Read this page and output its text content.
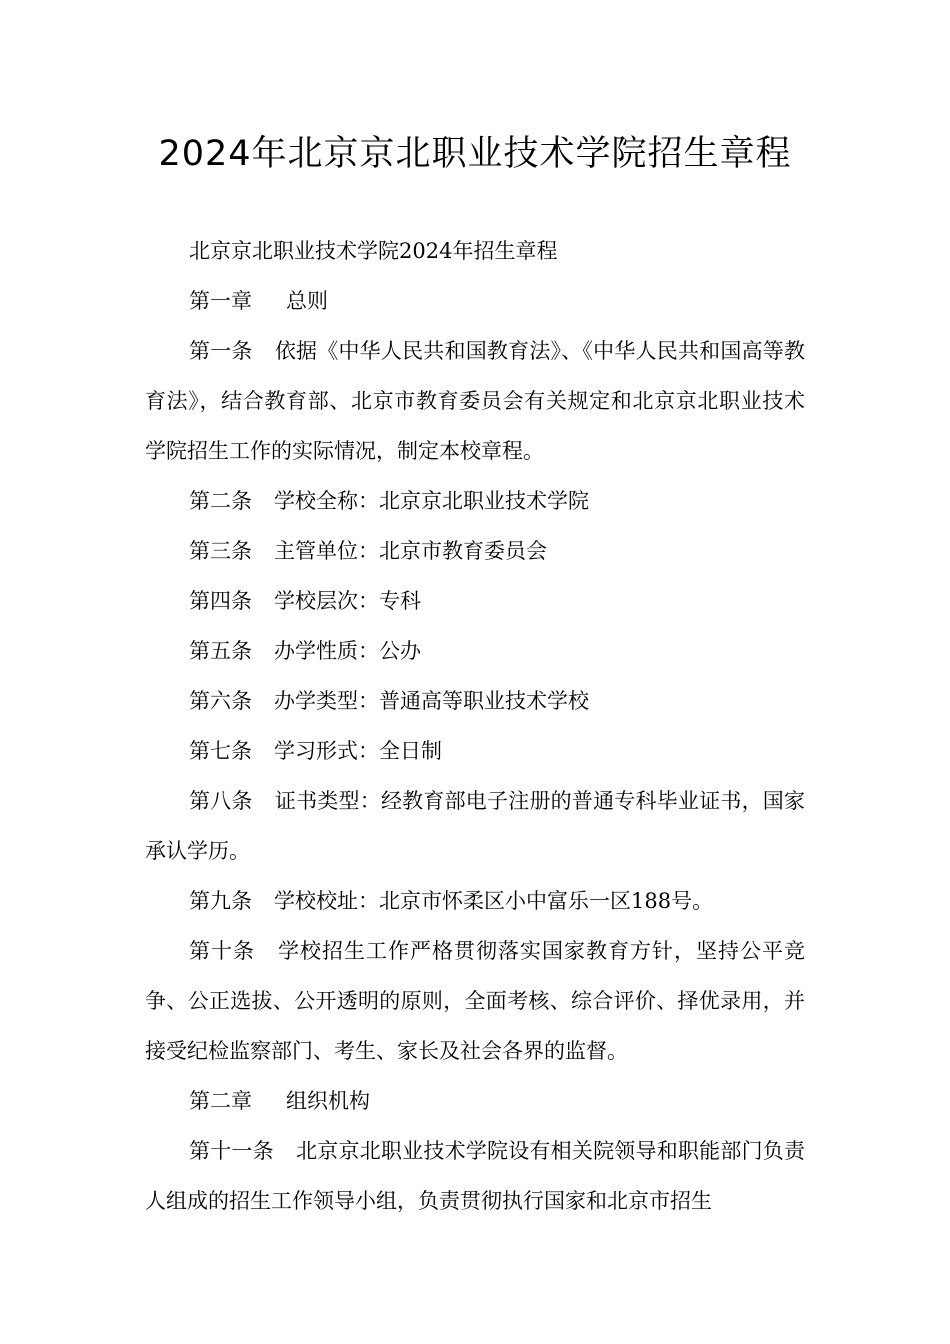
2024年北京京北职业技术学院招生章程

北京京北职业技术学院2024年招生章程

第一章 总则

第一条 依据《中华人民共和国教育法》、《中华人民共和国高等教育法》，结合教育部、北京市教育委员会有关规定和北京京北职业技术学院招生工作的实际情况，制定本校章程。

第二条 学校全称：北京京北职业技术学院

第三条 主管单位：北京市教育委员会

第四条 学校层次：专科

第五条 办学性质：公办

第六条 办学类型：普通高等职业技术学校

第七条 学习形式：全日制

第八条 证书类型：经教育部电子注册的普通专科毕业证书，国家承认学历。

第九条 学校校址：北京市怀柔区小中富乐一区188号。

第十条 学校招生工作严格贯彻落实国家教育方针，坚持公平竞争、公正选拔、公开透明的原则，全面考核、综合评价、择优录用，并接受纪检监察部门、考生、家长及社会各界的监督。

第二章 组织机构

第十一条 北京京北职业技术学院设有相关院领导和职能部门负责人组成的招生工作领导小组，负责贯彻执行国家和北京市招生
